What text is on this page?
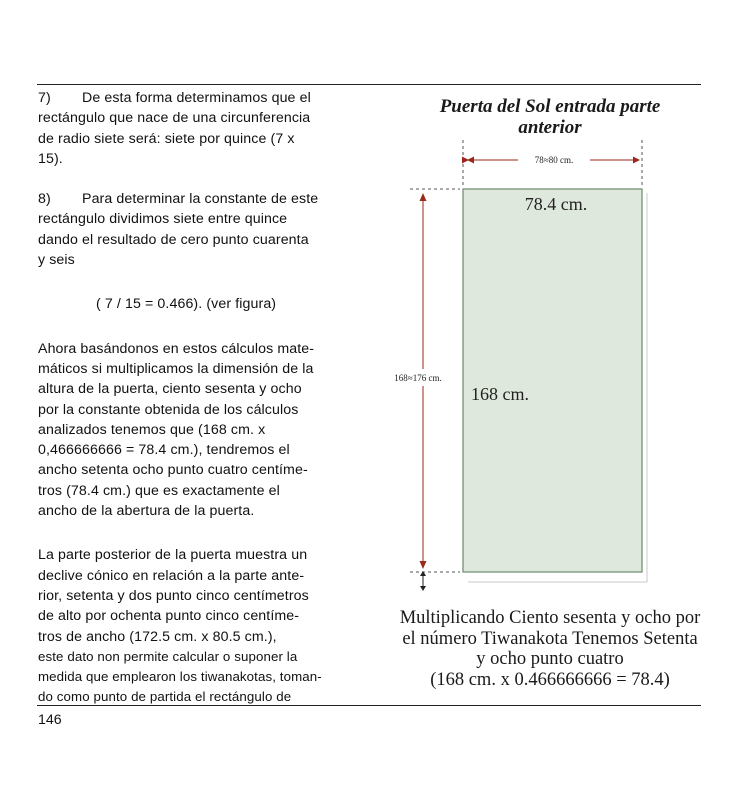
7) De esta forma determinamos que el

rectángulo que nace de una circunferencia

de radio siete será: siete por quince (7 x

15).

8) Para determinar la constante de este

rectángulo dividimos siete entre quince

dando el resultado de cero punto cuarenta

y seis

( 7 / 15 = 0.466). (ver figura)

Ahora basándonos en estos cálculos mate-

máticos si multiplicamos la dimensión de la

altura de la puerta, ciento sesenta y ocho

por la constante obtenida de los cálculos

analizados tenemos que (168 cm. x

0,466666666 = 78.4 cm.), tendremos el

ancho setenta ocho punto cuatro centíme-

tros (78.4 cm.) que es exactamente el

ancho de la abertura de la puerta.

La parte posterior de la puerta muestra un

declive cónico en relación a la parte ante-

rior, setenta y dos punto cinco centímetros

de alto por ochenta punto cinco centíme-

tros de ancho (172.5 cm. x 80.5 cm.),

este dato non permite calcular o suponer la

medida que emplearon los tiwanakotas, toman-

do como punto de partida el rectángulo de

Puerta del Sol entrada parte
anterior
78≈80 cm.
168≈176 cm.
78.4 cm.
168 cm.
Multiplicando Ciento sesenta y ocho por
el número Tiwanakota Tenemos Setenta
y ocho punto cuatro
(168 cm. x 0.466666666 = 78.4)
146
